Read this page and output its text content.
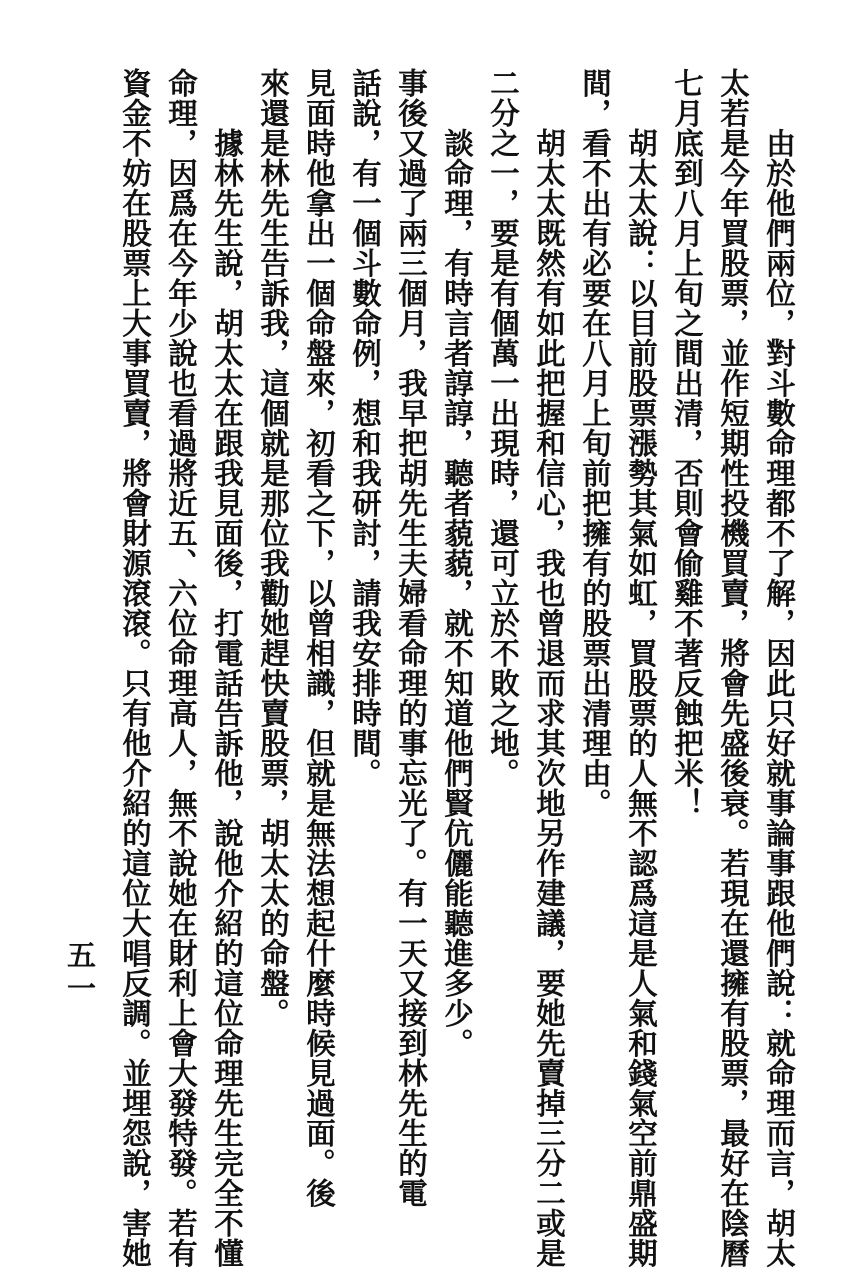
由於他們兩位，對斗數命理都不了解，因此只好就事論事跟他們說：就命理而言，胡太
太若是今年買股票，並作短期性投機買賣，將會先盛後衰。若現在還擁有股票，最好在陰曆
七月底到八月上旬之間出清，否則會偷雞不著反蝕把米！
胡太太說：以目前股票漲勢其氣如虹，買股票的人無不認爲這是人氣和錢氣空前鼎盛期
間，看不出有必要在八月上旬前把擁有的股票出清理由。
胡太太既然有如此把握和信心，我也曾退而求其次地另作建議，要她先賣掉三分二或是
二分之一，要是有個萬一出現時，還可立於不敗之地。
談命理，有時言者諄諄，聽者藐藐，就不知道他們賢伉儷能聽進多少。
事後又過了兩三個月，我早把胡先生夫婦看命理的事忘光了。有一天又接到林先生的電
話說，有一個斗數命例，想和我研討，請我安排時間。
見面時他拿出一個命盤來，初看之下，以曾相識，但就是無法想起什麼時候見過面。後
來還是林先生告訴我，這個就是那位我勸她趕快賣股票，胡太太的命盤。
據林先生說，胡太太在跟我見面後，打電話告訴他，說他介紹的這位命理先生完全不懂
命理，因爲在今年少說也看過將近五、六位命理高人，無不說她在財利上會大發特發。若有
資金不妨在股票上大事買賣，將會財源滾滾。只有他介紹的這位大唱反調。並埋怨說，害她
五一
